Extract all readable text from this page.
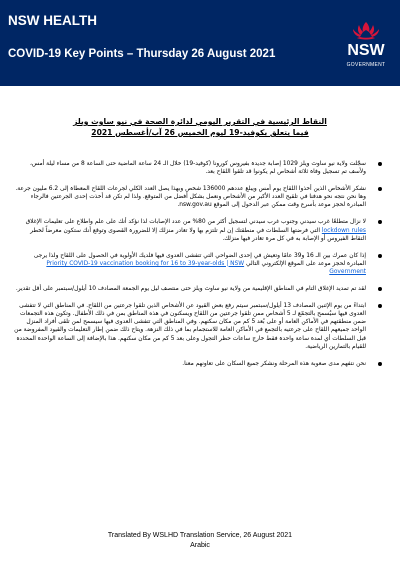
NSW HEALTH
COVID-19 Key Points – Thursday 26 August 2021	NSW
GOVERNMENT
النقاط الرئيسية في التقرير اليومي لدائرة الصحة في نيو ساوث ويلز
فيما يتعلق بكوفيد-19 ليوم الخميس 26 آب/أغسطس 2021
سجّلت ولاية نيو ساوث ويلز 1029 إصابة جديدة بفيروس كورونا (كوفيد-19) خلال الـ 24 ساعة الماضية حتى الساعة 8 من مساء ليلة أمس، ولأسف تم تسجيل وفاة ثلاثة أشخاص لم يكونوا قد تلقوا اللقاح بعد.
نشكر الأشخاص الذين أخذوا اللقاح يوم أمس ويبلغ عددهم 136000 شخص وبهذا يصل العدد الكلي لجرعات اللقاح المعطاة إلى 6.2 مليون جرعة. وها نحن نتجه نحو هدفنا في تلقيح العدد الأكبر من الأشخاص ونعمل بشكل أفضل من المتوقع. ولذا لم تكن قد أخذت إحدى الجرعتين فالرجاء المبادرة لحجز موعد بأسرع وقت ممكن عبر الدخول إلى الموقع nsw.gov.au.
لا نزال متطلعًا غرب سيدني وجنوب غرب سيدني لتسجيل أكثر من 80% من عدد الإصابات لذا نؤكد أنك على علم واطلاع على تعليمات الإغلاق lockdown rules التي فرضتها السلطات في منطقتك إن لم تلتزم بها ولا تغادر منزلك إلا للضرورة القصوى وتوقع أنك ستكون معرضاً لخطر التقاط الفيروس أو الإصابة به في كل مرة تغادر فيها منزلك.
إذا كان عمرك بين الـ 16 و39 عامًا وتعيش في إحدى الضواحي التي تتفشى العدوى فيها فلديك الأولوية في الحصول على اللقاح ولذا يرجى المبادرة لحجز موعد على الموقع الإلكتروني التالي Priority COVID-19 vaccination booking for 16 to 39-year-olds | NSW Government
لقد تم تمديد الإغلاق التام في المناطق الإقليمية من ولاية نيو ساوث ويلز حتى منتصف ليل يوم الجمعة المصادف 10 أيلول/سبتمبر على أقل تقدير.
ابتداءً من يوم الإثنين المصادف 13 أيلول/سبتمبر سيتم رفع بعض القيود عن الأشخاص الذين تلقوا جرعتين من اللقاح. في المناطق التي لا تتفشى العدوى فيها سيُسمح بالتجمّع لـ 5 أشخاص ممن تلقوا جرعتين من اللقاح ويسكنون في هذه المناطق بمن في ذلك الأطفال. وتكون هذه التجمعات ضمن منطقتهم في الأماكن العامة أو على بُعد 5 كم من مكان سكنهم. وفي المناطق التي تتفشى العدوى فيها سيسمح لمن تلقى أفراد المنزل الواحد جميعهم اللقاح على جرعتيه بالتجمع في الأماكن العامة للاستجمام بما في ذلك النزهة. ويتاح ذلك ضمن إطار التعليمات والقيود المفروضة من قبل السلطات أي لمدة ساعة واحدة فقط خارج ساعات حظر التجول وعلى بعد 5 كم من مكان سكنهم. هذا بالإضافة إلى الساعة الواحدة المحددة للقيام بالتمارين الرياضية.
نحن نتفهم مدى صعوبة هذه المرحلة ونشكر جميع السكان على تعاونهم معنا.
Translated By WSLHD Translation Service, 26 August 2021
Arabic
